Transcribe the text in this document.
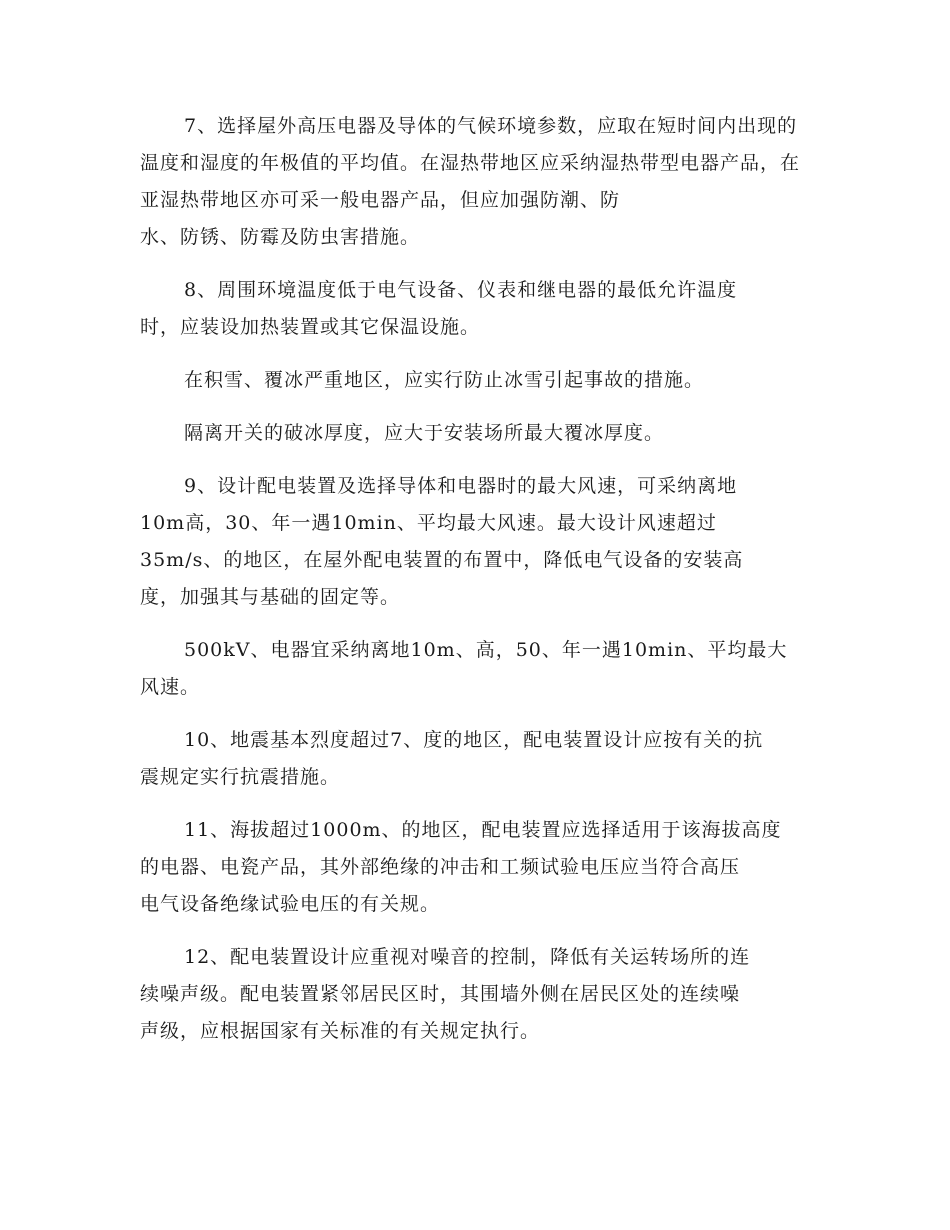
7、选择屋外高压电器及导体的气候环境参数，应取在短时间内出现的温度和湿度的年极值的平均值。在湿热带地区应采纳湿热带型电器产品，在亚湿热带地区亦可采一般电器产品，但应加强防潮、防
水、防锈、防霉及防虫害措施。

8、周围环境温度低于电气设备、仪表和继电器的最低允许温度
时，应装设加热装置或其它保温设施。

在积雪、覆冰严重地区，应实行防止冰雪引起事故的措施。

隔离开关的破冰厚度，应大于安装场所最大覆冰厚度。

9、设计配电装置及选择导体和电器时的最大风速，可采纳离地
10m高，30、年一遇10min、平均最大风速。最大设计风速超过
35m/s、的地区，在屋外配电装置的布置中，降低电气设备的安装高
度，加强其与基础的固定等。

500kV、电器宜采纳离地10m、高，50、年一遇10min、平均最大
风速。

10、地震基本烈度超过7、度的地区，配电装置设计应按有关的抗
震规定实行抗震措施。

11、海拔超过1000m、的地区，配电装置应选择适用于该海拔高度
的电器、电瓷产品，其外部绝缘的冲击和工频试验电压应当符合高压
电气设备绝缘试验电压的有关规。

12、配电装置设计应重视对噪音的控制，降低有关运转场所的连
续噪声级。配电装置紧邻居民区时，其围墙外侧在居民区处的连续噪
声级，应根据国家有关标准的有关规定执行。
